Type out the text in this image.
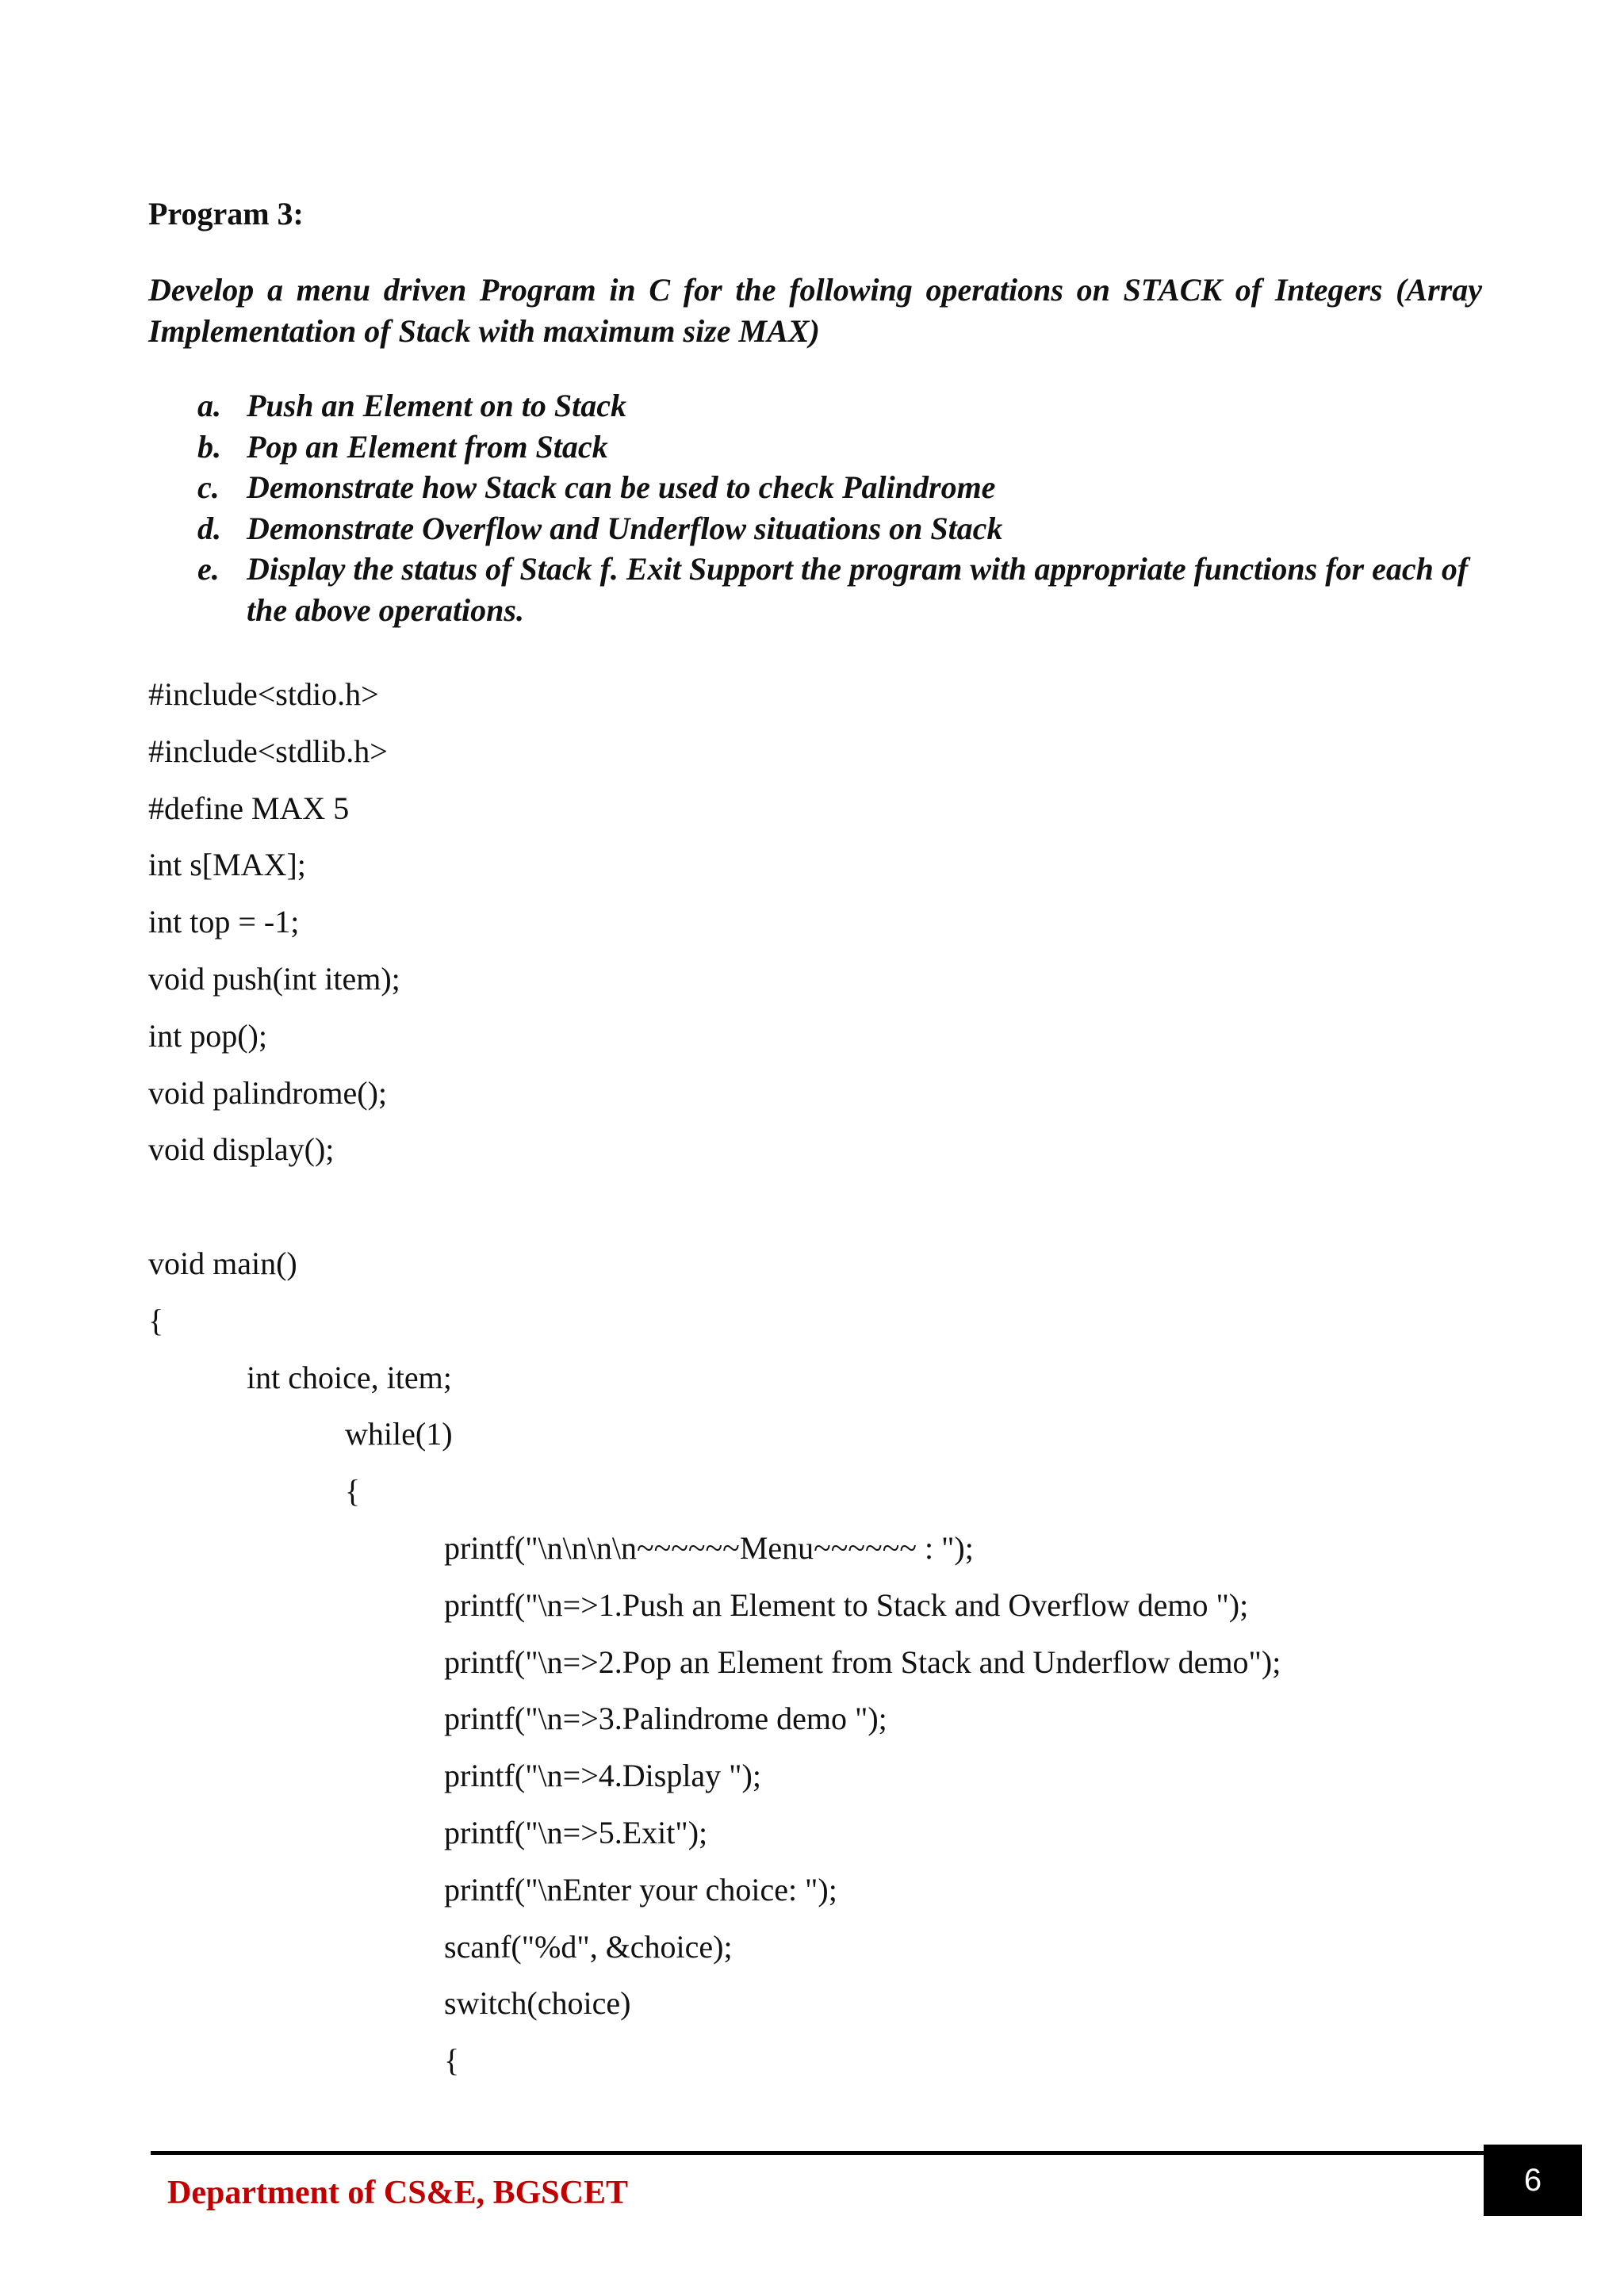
Program 3:

Develop a menu driven Program in C for the following operations on STACK of Integers (Array Implementation of Stack with maximum size MAX)

a. Push an Element on to Stack
b. Pop an Element from Stack
c. Demonstrate how Stack can be used to check Palindrome
d. Demonstrate Overflow and Underflow situations on Stack
e. Display the status of Stack f. Exit Support the program with appropriate functions for each of the above operations.
#include<stdio.h>
#include<stdlib.h>
#define MAX 5
int s[MAX];
int top = -1;
void push(int item);
int pop();
void palindrome();
void display();
void main()
{
int choice, item;
while(1)
{
printf("\n\n\n\n~~~~~~Menu~~~~~~ : ");
printf("\n=>1.Push an Element to Stack and Overflow demo ");
printf("\n=>2.Pop an Element from Stack and Underflow demo");
printf("\n=>3.Palindrome demo ");
printf("\n=>4.Display ");
printf("\n=>5.Exit");
printf("\nEnter your choice: ");
scanf("%d", &choice);
switch(choice)
{
Department of CS&E, BGSCET	6
